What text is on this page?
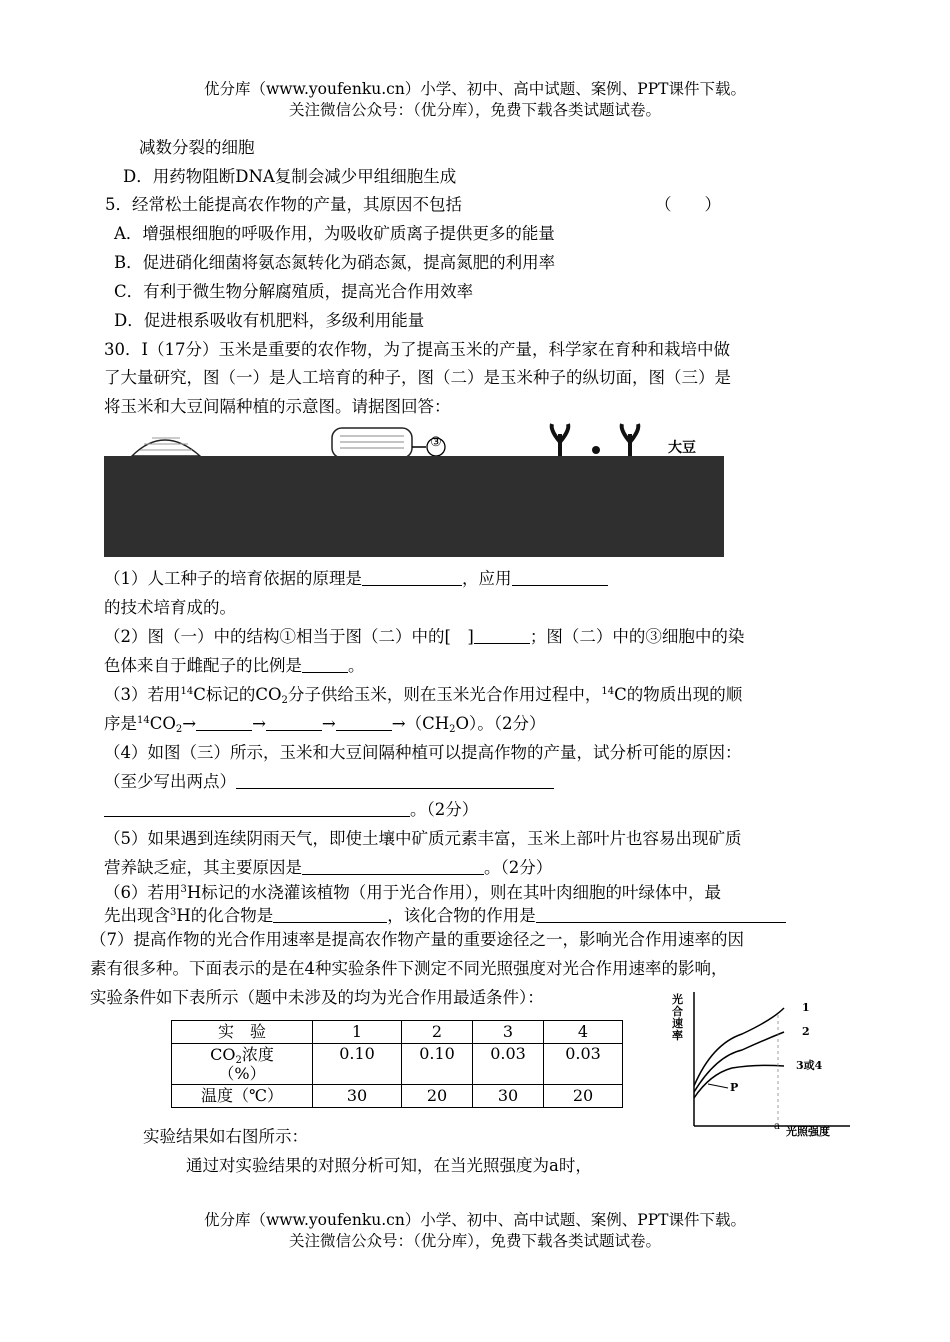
优分库（www.youfenku.cn）小学、初中、高中试题、案例、PPT课件下载。
关注微信公众号：（优分库），免费下载各类试题试卷。
减数分裂的细胞
D．用药物阻断DNA复制会减少甲组细胞生成
5．经常松土能提高农作物的产量，其原因不包括	（　　）
A．增强根细胞的呼吸作用，为吸收矿质离子提供更多的能量
B．促进硝化细菌将氨态氮转化为硝态氮，提高氮肥的利用率
C．有利于微生物分解腐殖质，提高光合作用效率
D．促进根系吸收有机肥料，多级利用能量
30．Ⅰ（17分）玉米是重要的农作物，为了提高玉米的产量，科学家在育种和栽培中做
了大量研究，图（一）是人工培育的种子，图（二）是玉米种子的纵切面，图（三）是
将玉米和大豆间隔种植的示意图。请据图回答：
③	大豆
（1）人工种子的培育依据的原理是	，应用
的技术培育成的。
（2）图（一）中的结构①相当于图（二）中的[　]	；图（二）中的③细胞中的染
色体来自于雌配子的比例是	。
（3）若用$^{14}$C标记的$CO_2$分子供给玉米，则在玉米光合作用过程中，$^{14}$C的物质出现的顺
序是$^{14}CO_2\to$	→	→	$\to(CH_2O)$。（2分）
（4）如图（三）所示，玉米和大豆间隔种植可以提高作物的产量，试分析可能的原因：
（至少写出两点）
。（2分）
（5）如果遇到连续阴雨天气，即使土壤中矿质元素丰富，玉米上部叶片也容易出现矿质
营养缺乏症，其主要原因是	。（2分）
（6）若用$^3$H标记的水浇灌该植物（用于光合作用），则在其叶肉细胞的叶绿体中，最
先出现含$^3$H的化合物是	，该化合物的作用是
（7）提高作物的光合作用速率是提高农作物产量的重要途径之一，影响光合作用速率的因
素有很多种。下面表示的是在4种实验条件下测定不同光照强度对光合作用速率的影响，
实验条件如下表所示（题中未涉及的均为光合作用最适条件）：
实　验	1	2	3	4
$CO_2$浓度
（%）	0.10	0.10	0.03	0.03
温度（℃）	30	20	30	20
光合速率
光照强度
a
1
2
3或4
P
实验结果如右图所示：
通过对实验结果的对照分析可知，在当光照强度为a时，
优分库（www.youfenku.cn）小学、初中、高中试题、案例、PPT课件下载。
关注微信公众号：（优分库），免费下载各类试题试卷。
